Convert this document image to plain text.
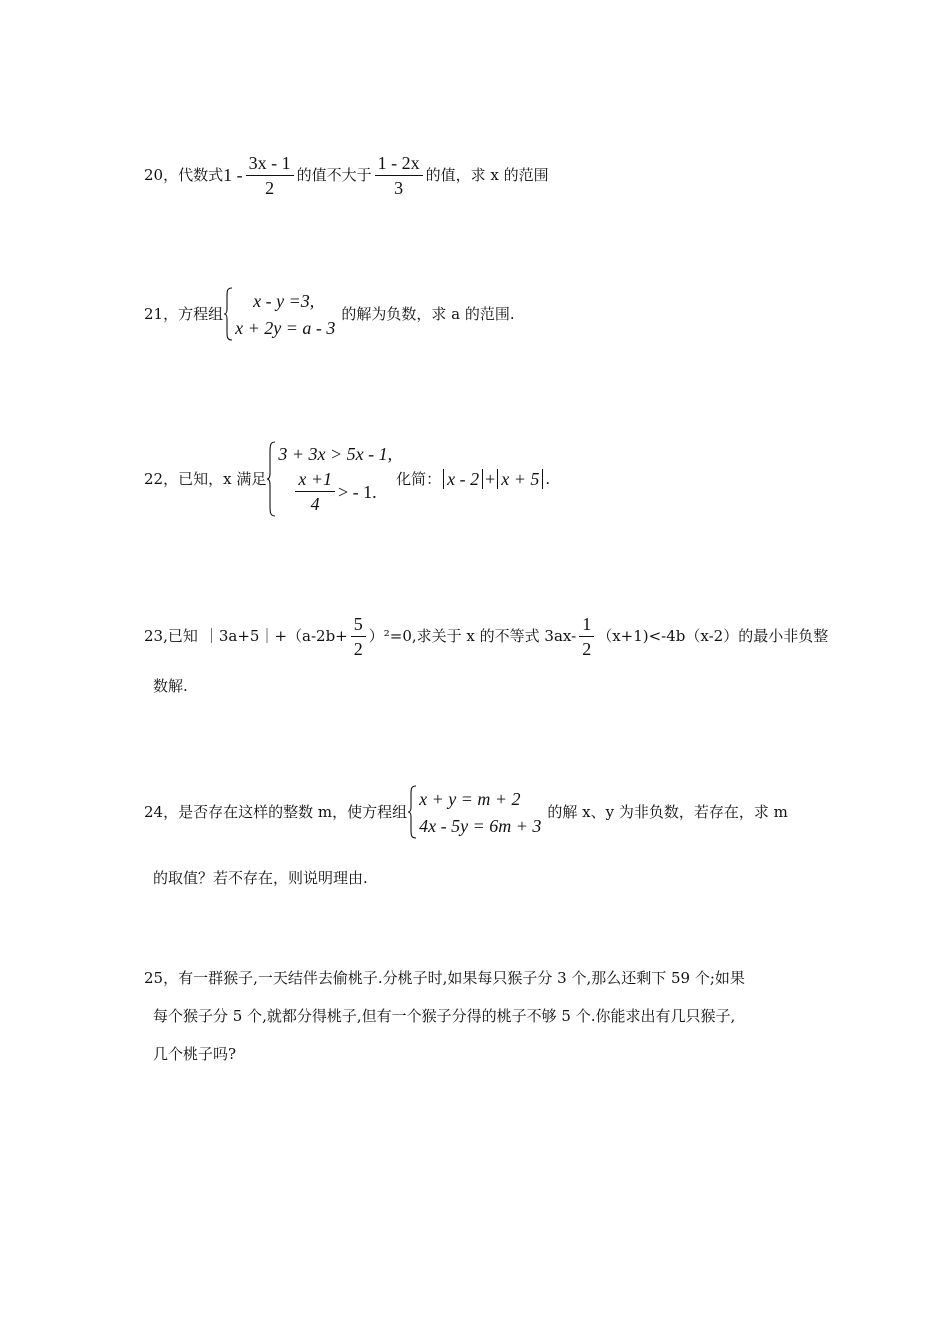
20，代数式 $1 - \frac{3x - 1}{2}$ 的值不大于 $\frac{1 - 2x}{3}$ 的值，求 x 的范围
21，方程组
x - y =3,
x + 2y = a - 3
的解为负数，求 a 的范围.
22，已知，x 满足
3 + 3x > 5x - 1,
$\frac{x +1}{4}$ > - 1.
化简： x - 2 + x + 5 .
23,已知 ｜3a+5｜+（a-2b+ $\frac{5}{2} )^2=0$,求关于 x 的不等式 $3ax- \frac{1}{2} (x+1)<-4b(x-2)$的最小非负整
数解.
24，是否存在这样的整数 m，使方程组
x + y = m + 2
4x - 5y = 6m + 3
的解 x、y 为非负数，若存在，求 m
的取值？若不存在，则说明理由.
25，有一群猴子,一天结伴去偷桃子.分桃子时,如果每只猴子分 3 个,那么还剩下 59 个;如果
每个猴子分 5 个,就都分得桃子,但有一个猴子分得的桃子不够 5 个.你能求出有几只猴子,
几个桃子吗?
